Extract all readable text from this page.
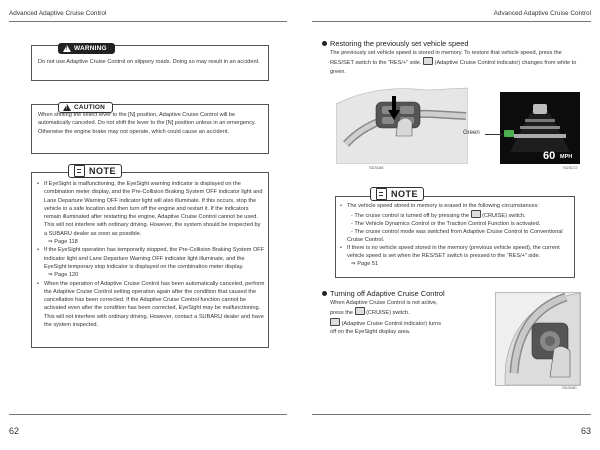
Advanced Adaptive Cruise Control
!
WARNING
Do not use Adaptive Cruise Control on slippery roads. Doing so may result in an accident.
!
CAUTION
When shifting the select lever to the [N] position, Adaptive Cruise Control will be automatically canceled. Do not shift the lever to the [N] position unless in an emergency. Otherwise the engine brake may not operate, which could cause an accident.
NOTE
• If EyeSight is malfunctioning, the EyeSight warning indicator is displayed on the combination meter display, and the Pre-Collision Braking System OFF indicator light and Lane Departure Warning OFF indicator light will also illuminate. If this occurs, stop the vehicle in a safe location and then turn off the engine and restart it. If the indicators remain illuminated after restarting the engine, Adaptive Cruise Control cannot be used. This will not interfere with ordinary driving. However, the system should be inspected by a SUBARU dealer as soon as possible.
⇒ Page 118
• If the EyeSight operation has temporarily stopped, the Pre-Collision Braking System OFF indicator light and Lane Departure Warning OFF indicator light illuminate, and the EyeSight temporary stop indicator is displayed on the combination meter display.
⇒ Page 120
• When the operation of Adaptive Cruise Control has been automatically canceled, perform the Adaptive Cruise Control setting operation again after the condition that caused the cancellation has been corrected. If the Adaptive Cruise Control function cannot be activated even after the condition has been corrected, EyeSight may be malfunctioning. This will not interfere with ordinary driving. However, contact a SUBARU dealer and have the system inspected.
62
Advanced Adaptive Cruise Control
Restoring the previously set vehicle speed
The previously set vehicle speed is stored in memory. To restore that vehicle speed, press the RES/SET switch to the “RES/+” side. (Adaptive Cruise Control indicator) changes from white to green.
SD3186
60 MPH
Green
SD3172
NOTE
• The vehicle speed stored in memory is erased in the following circumstances:
- The cruise control is turned off by pressing the (CRUISE) switch.
- The Vehicle Dynamics Control or the Traction Control Function is activated.
- The cruise control mode was switched from Adaptive Cruise Control to Conventional Cruise Control.
• If there is no vehicle speed stored in the memory (previous vehicle speed), the current vehicle speed is set when the RES/SET switch is pressed to the “RES/+” side.
⇒ Page 51
Turning off Adaptive Cruise Control
When Adaptive Cruise Control is not active,
press the (CRUISE) switch.
(Adaptive Cruise Control indicator) turns
off on the EyeSight display area.
SD3180
63
